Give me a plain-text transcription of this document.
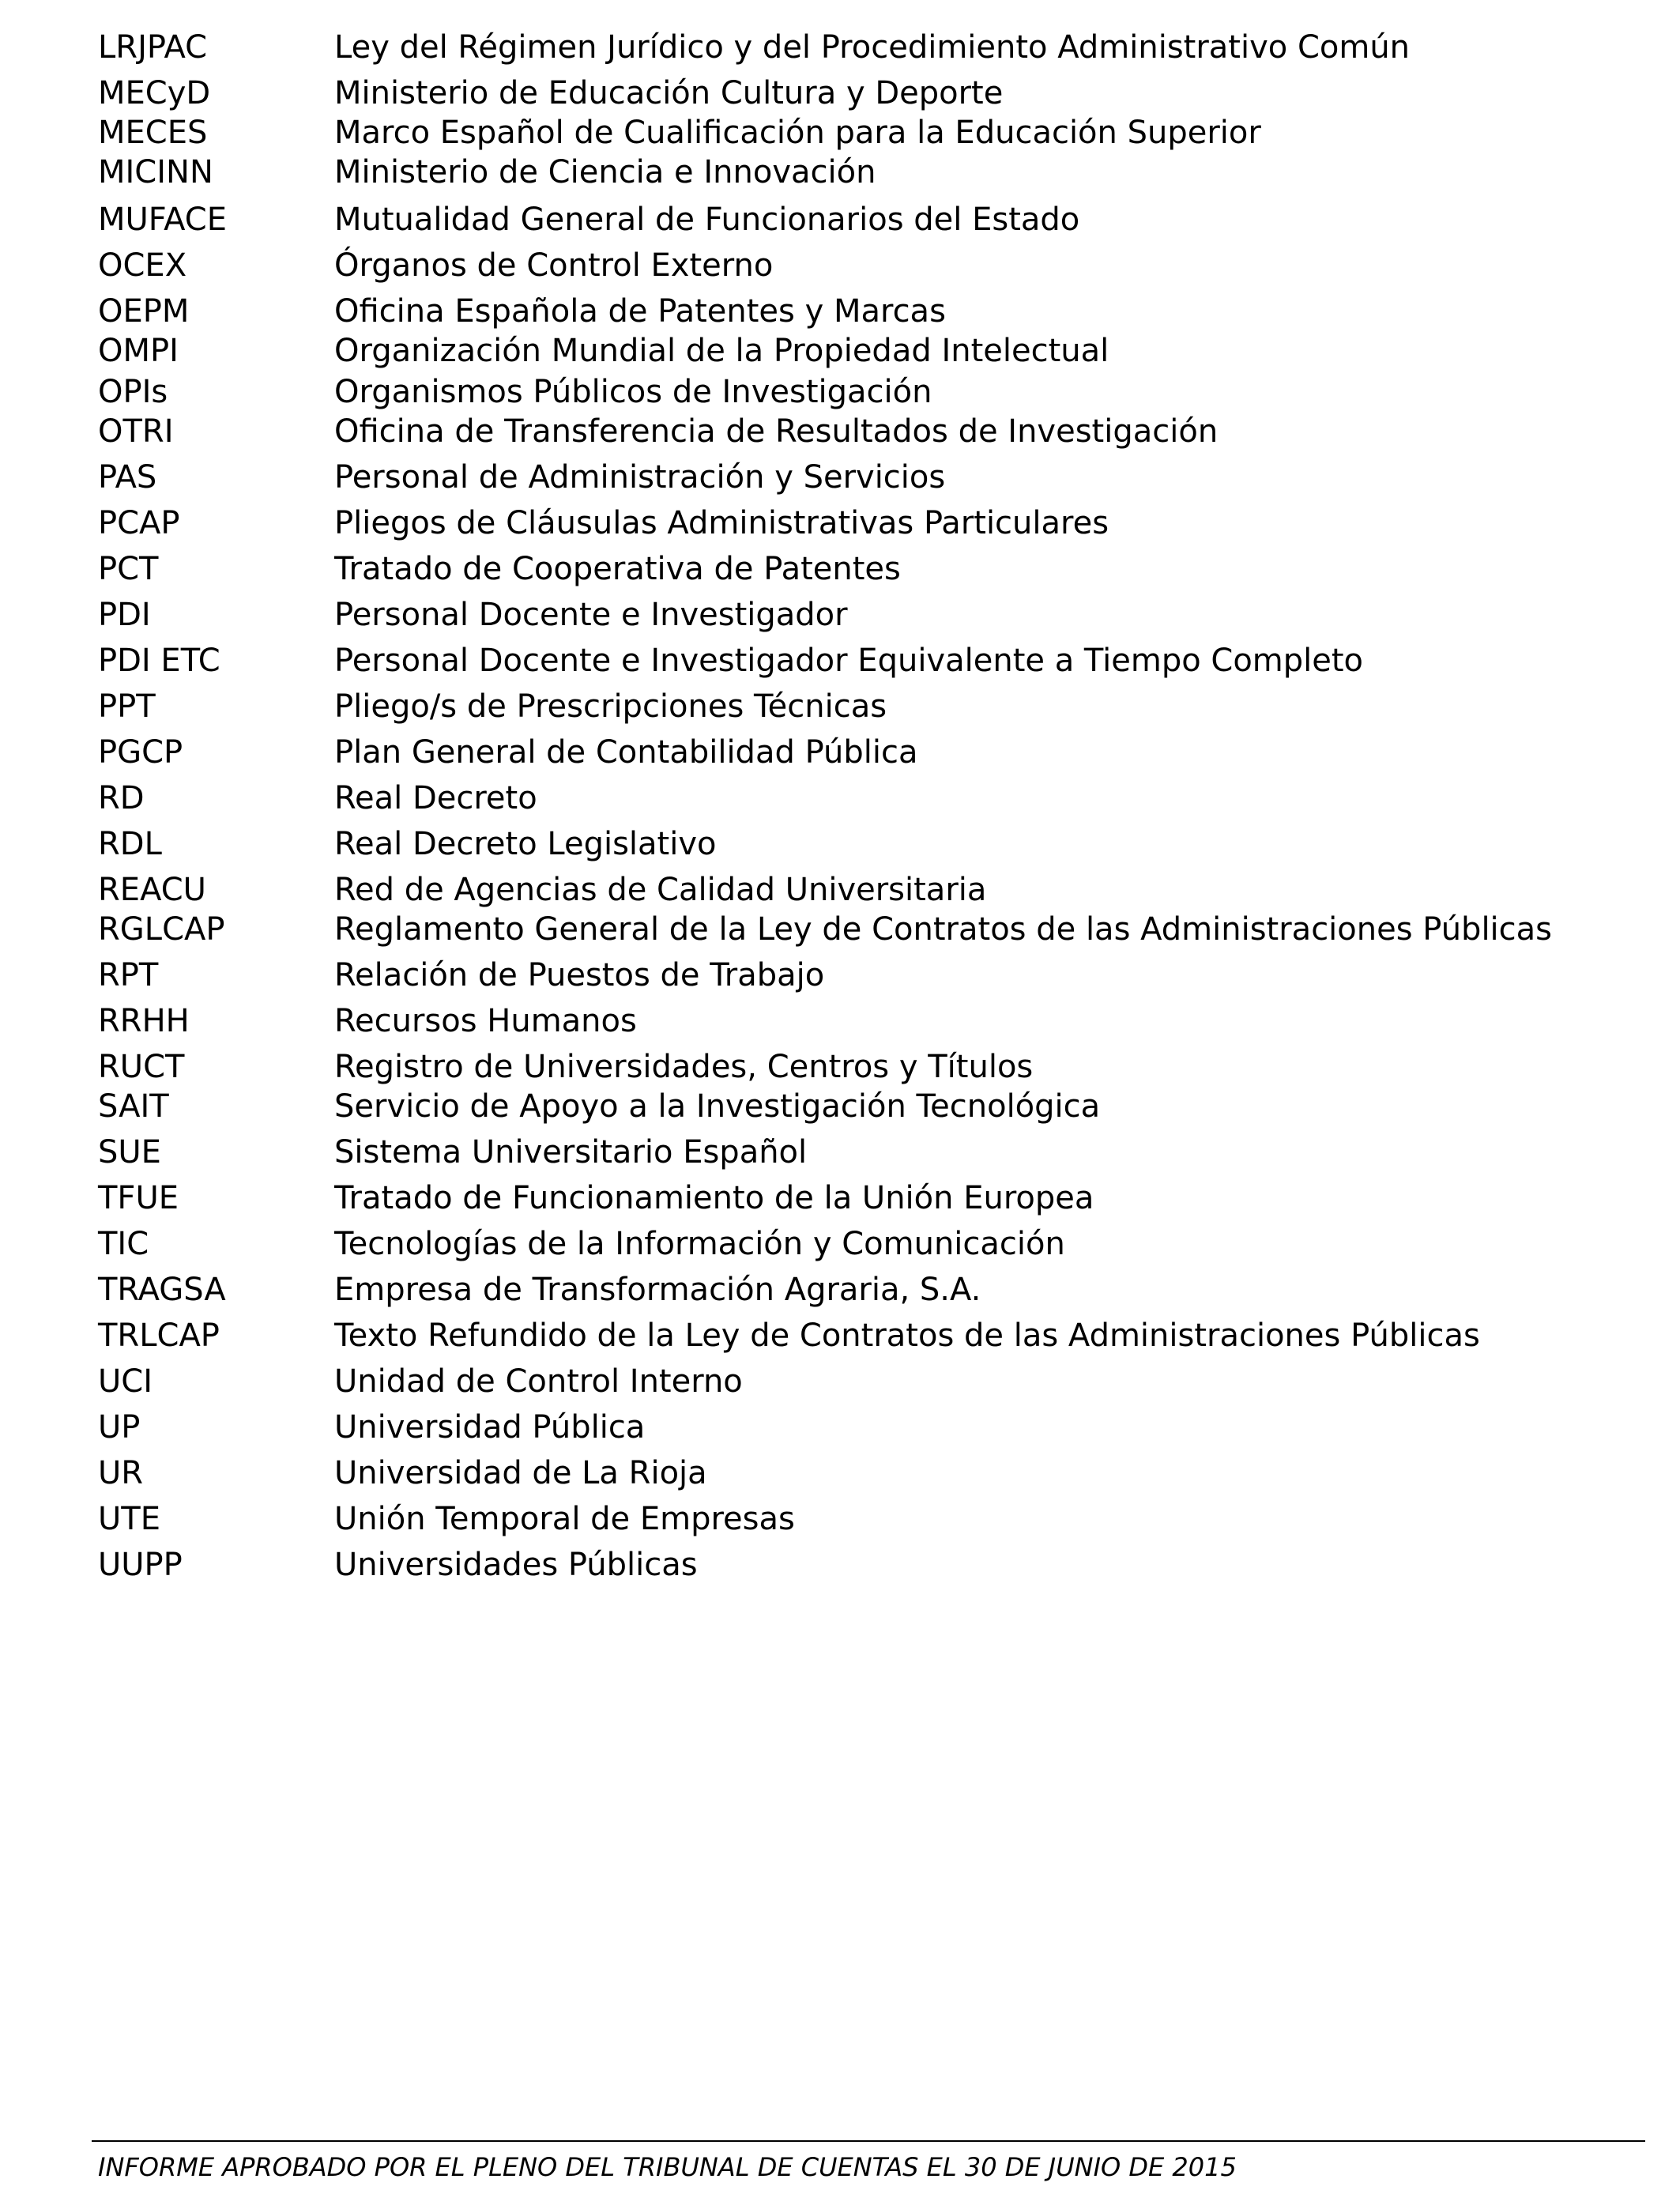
LRJPAC	Ley del Régimen Jurídico y del Procedimiento Administrativo Común
MECyD	Ministerio de Educación Cultura y Deporte
MECES	Marco Español de Cualificación para la Educación Superior
MICINN	Ministerio de Ciencia e Innovación
MUFACE	Mutualidad General de Funcionarios del Estado
OCEX	Órganos de Control Externo
OEPM	Oficina Española de Patentes y Marcas
OMPI	Organización Mundial de la Propiedad Intelectual
OPIs	Organismos Públicos de Investigación
OTRI	Oficina de Transferencia de Resultados de Investigación
PAS	Personal de Administración y Servicios
PCAP	Pliegos de Cláusulas Administrativas Particulares
PCT	Tratado de Cooperativa de Patentes
PDI	Personal Docente e Investigador
PDI ETC	Personal Docente e Investigador Equivalente a Tiempo Completo
PPT	Pliego/s de Prescripciones Técnicas
PGCP	Plan General de Contabilidad Pública
RD	Real Decreto
RDL	Real Decreto Legislativo
REACU	Red de Agencias de Calidad Universitaria
RGLCAP	Reglamento General de la Ley de Contratos de las Administraciones Públicas
RPT	Relación de Puestos de Trabajo
RRHH	Recursos Humanos
RUCT	Registro de Universidades, Centros y Títulos
SAIT	Servicio de Apoyo a la Investigación Tecnológica
SUE	Sistema Universitario Español
TFUE	Tratado de Funcionamiento de la Unión Europea
TIC	Tecnologías de la Información y Comunicación
TRAGSA	Empresa de Transformación Agraria, S.A.
TRLCAP	Texto Refundido de la Ley de Contratos de las Administraciones Públicas
UCI	Unidad de Control Interno
UP	Universidad Pública
UR	Universidad de La Rioja
UTE	Unión Temporal de Empresas
UUPP	Universidades Públicas
INFORME APROBADO POR EL PLENO DEL TRIBUNAL DE CUENTAS EL 30 DE JUNIO DE 2015
